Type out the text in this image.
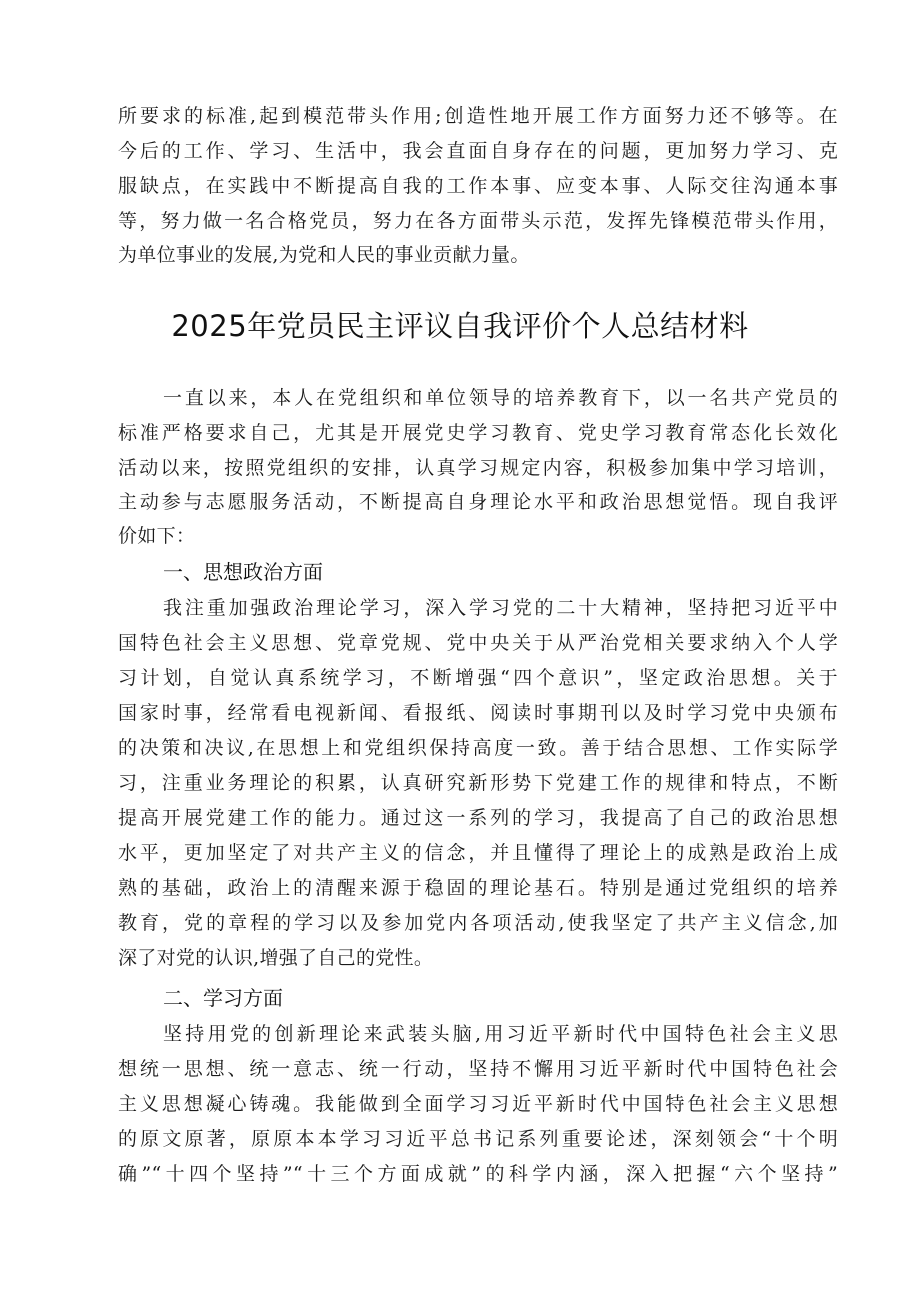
所要求的标准,起到模范带头作用;创造性地开展工作方面努力还不够等。在
今后的工作、学习、生活中，我会直面自身存在的问题，更加努力学习、克
服缺点，在实践中不断提高自我的工作本事、应变本事、人际交往沟通本事
等，努力做一名合格党员，努力在各方面带头示范，发挥先锋模范带头作用，
为单位事业的发展,为党和人民的事业贡献力量。
2025年党员民主评议自我评价个人总结材料
一直以来，本人在党组织和单位领导的培养教育下，以一名共产党员的
标准严格要求自己，尤其是开展党史学习教育、党史学习教育常态化长效化
活动以来，按照党组织的安排，认真学习规定内容，积极参加集中学习培训，
主动参与志愿服务活动，不断提高自身理论水平和政治思想觉悟。现自我评
价如下：
一、思想政治方面
我注重加强政治理论学习，深入学习党的二十大精神，坚持把习近平中
国特色社会主义思想、党章党规、党中央关于从严治党相关要求纳入个人学
习计划，自觉认真系统学习，不断增强“四个意识”，坚定政治思想。关于
国家时事，经常看电视新闻、看报纸、阅读时事期刊以及时学习党中央颁布
的决策和决议,在思想上和党组织保持高度一致。善于结合思想、工作实际学
习，注重业务理论的积累，认真研究新形势下党建工作的规律和特点，不断
提高开展党建工作的能力。通过这一系列的学习，我提高了自己的政治思想
水平，更加坚定了对共产主义的信念，并且懂得了理论上的成熟是政治上成
熟的基础，政治上的清醒来源于稳固的理论基石。特别是通过党组织的培养
教育，党的章程的学习以及参加党内各项活动,使我坚定了共产主义信念,加
深了对党的认识,增强了自己的党性。
二、学习方面
坚持用党的创新理论来武装头脑,用习近平新时代中国特色社会主义思
想统一思想、统一意志、统一行动，坚持不懈用习近平新时代中国特色社会
主义思想凝心铸魂。我能做到全面学习习近平新时代中国特色社会主义思想
的原文原著，原原本本学习习近平总书记系列重要论述，深刻领会“十个明
确”“十四个坚持”“十三个方面成就”的科学内涵，深入把握“六个坚持”
